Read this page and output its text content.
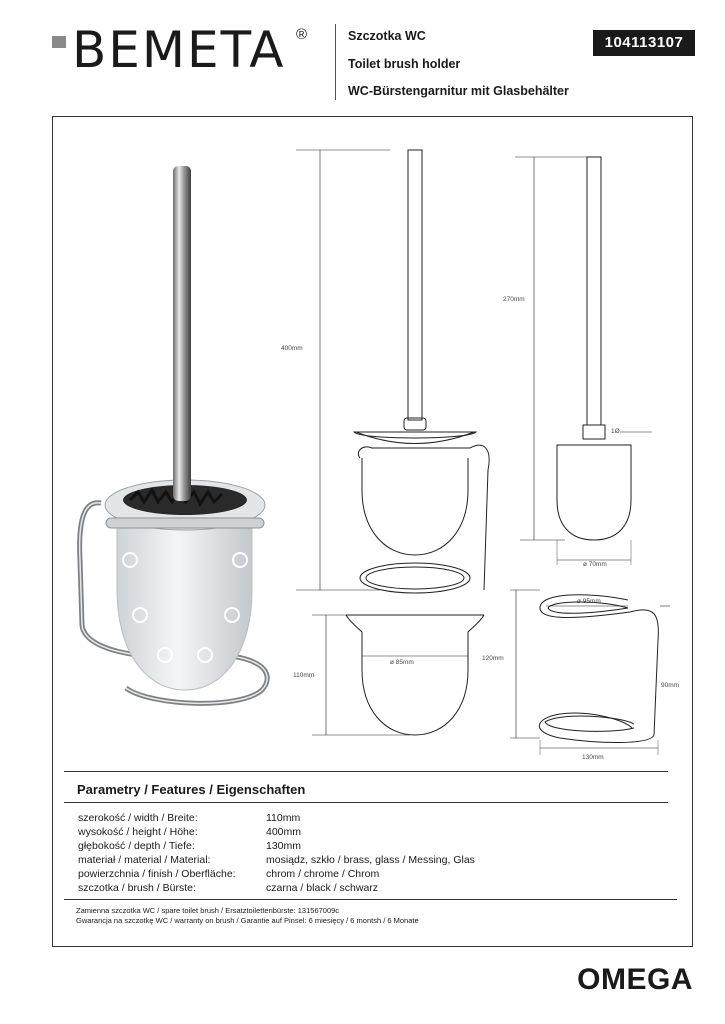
BEMETA ®	Szczotka WC
Toilet brush holder
WC-Bürstengarnitur mit Glasbehälter
104113107
400mm
270mm
ø 70mm
1Ø
110mm
ø 85mm
120mm
ø 95mm
90mm
130mm
Parametry / Features / Eigenschaften
szerokość / width / Breite:	110mm
wysokość / height / Höhe:	400mm
głębokość / depth / Tiefe:	130mm
materiał / material / Material:	mosiądz, szkło / brass, glass / Messing, Glas
powierzchnia / finish / Oberfläche:	chrom / chrome / Chrom
szczotka / brush / Bürste:	czarna / black / schwarz
Zamienna szczotka WC / spare toilet brush / Ersatztoilettenbürste: 131567009c
Gwarancja na szczotkę WC / warranty on brush / Garantie auf Pinsel: 6 miesięcy / 6 montsh / 6 Monate
OMEGA
